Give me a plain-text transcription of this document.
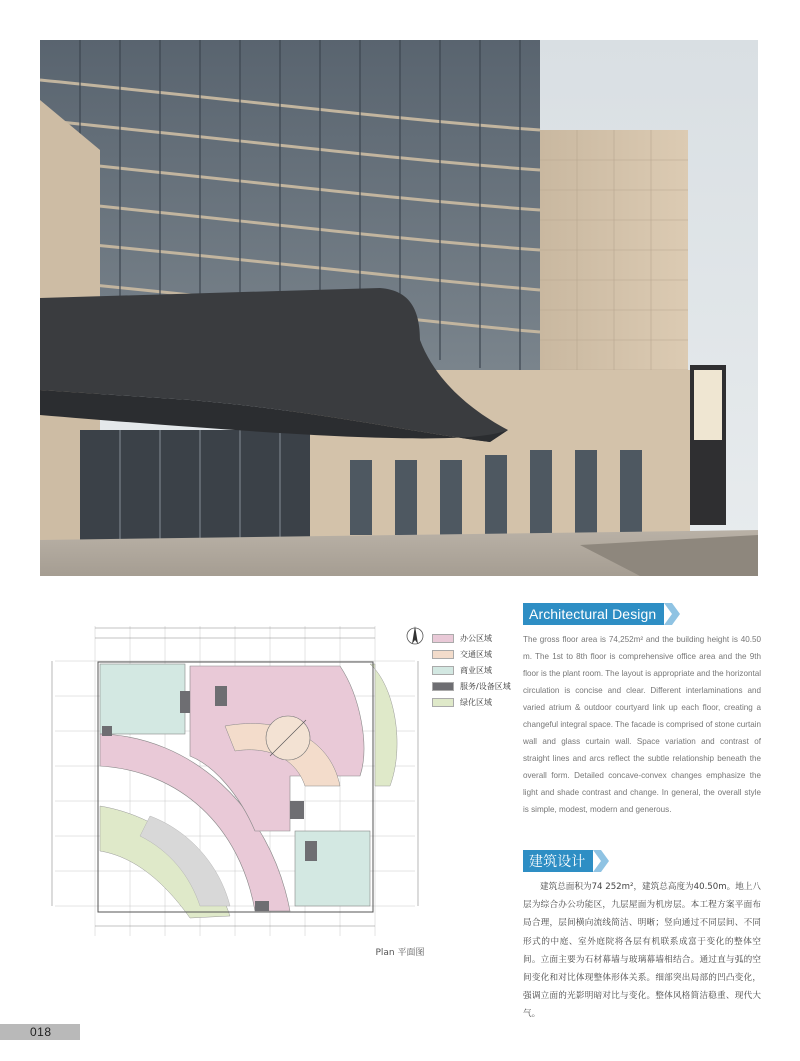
办公区域
交通区域
商业区域
服务/设备区域
绿化区域
Plan 平面图
Architectural Design
The gross floor area is 74,252m² and the building height is 40.50 m. The 1st to 8th floor is comprehensive office area and the 9th floor is the plant room. The layout is appropriate and the horizontal circulation is concise and clear. Different interlaminations and varied atrium & outdoor courtyard link up each floor, creating a changeful integral space. The facade is comprised of stone curtain wall and glass curtain wall. Space variation and contrast of straight lines and arcs reflect the subtle relationship beneath the overall form. Detailed concave-convex changes emphasize the light and shade contrast and change. In general, the overall style is simple, modest, modern and generous.
建筑设计
建筑总面积为74 252m²，建筑总高度为40.50m。地上八层为综合办公功能区，九层屋面为机房层。本工程方案平面布局合理，层间横向流线简洁、明晰；竖向通过不同层间、不同形式的中庭、室外庭院将各层有机联系成富于变化的整体空间。立面主要为石材幕墙与玻璃幕墙相结合。通过直与弧的空间变化和对比体现整体形体关系。细部突出局部的凹凸变化，强调立面的光影明暗对比与变化。整体风格简洁稳重、现代大气。
018
